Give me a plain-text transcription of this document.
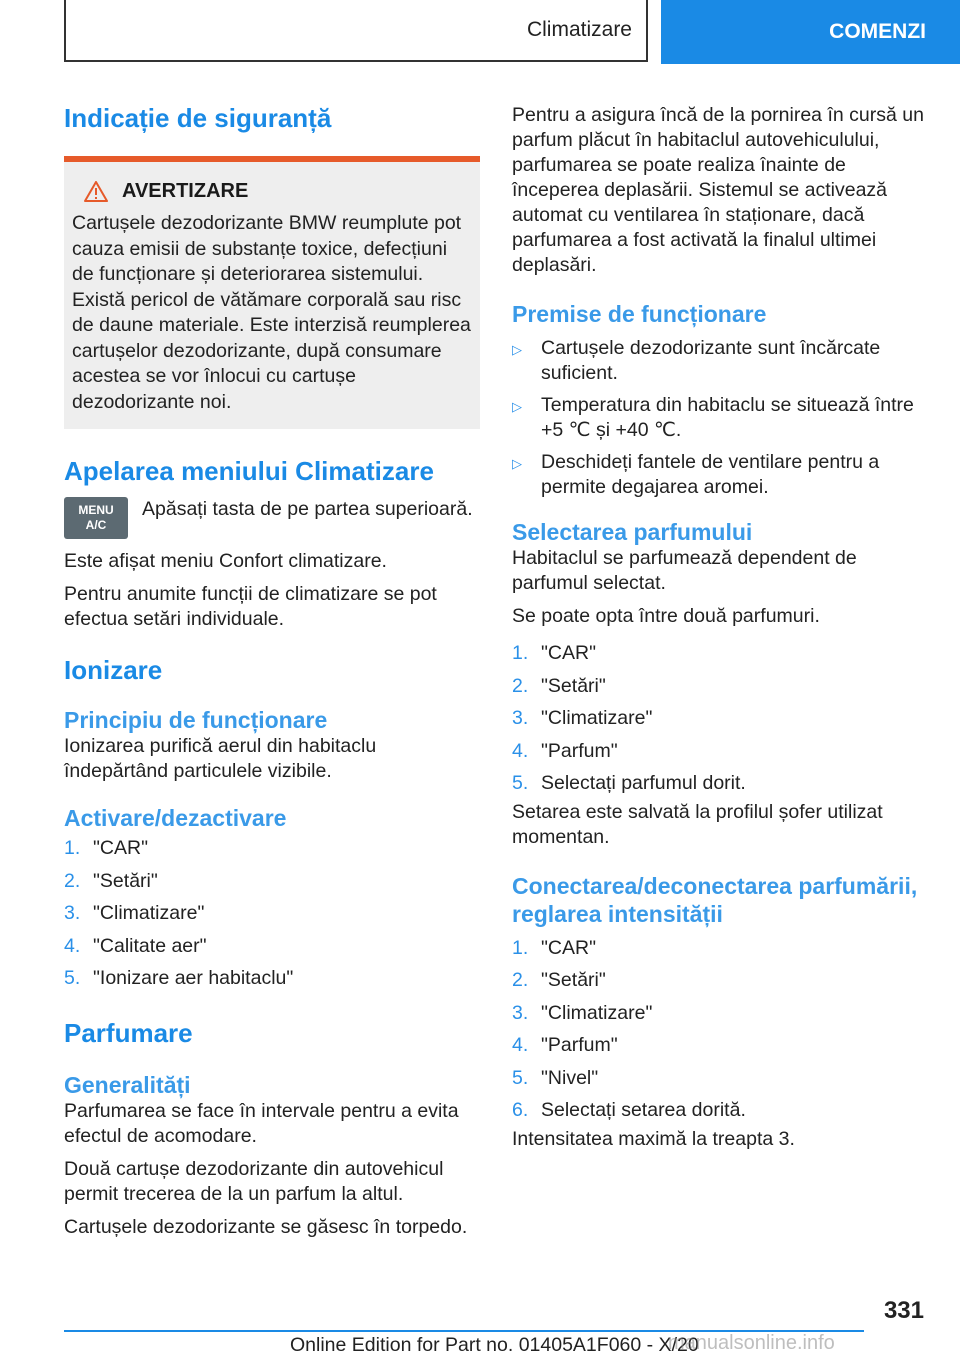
Climatizare	COMENZI
Indicație de siguranță
AVERTIZARE

Cartușele dezodorizante BMW reumplute pot cauza emisii de substanțe toxice, defecțiuni de funcționare și deteriorarea sistemului. Există pericol de vătămare corporală sau risc de daune materiale. Este interzisă reumplerea cartușelor dezodorizante, după consumare acestea se vor înlocui cu cartușe dezodorizante noi.

Apelarea meniului Climatizare
MENU
A/C

Apăsați tasta de pe partea superioară.

Este afișat meniu Confort climatizare.

Pentru anumite funcții de climatizare se pot efectua setări individuale.

Ionizare
Principiu de funcționare

Ionizarea purifică aerul din habitaclu îndepărtând particulele vizibile.

Activare/dezactivare
1. "CAR"
2. "Setări"
3. "Climatizare"
4. "Calitate aer"
5. "Ionizare aer habitaclu"
Parfumare
Generalități

Parfumarea se face în intervale pentru a evita efectul de acomodare.

Două cartușe dezodorizante din autovehicul permit trecerea de la un parfum la altul.

Cartușele dezodorizante se găsesc în torpedo.

Pentru a asigura încă de la pornirea în cursă un parfum plăcut în habitaclul autovehiculului, parfumarea se poate realiza înainte de începerea deplasării. Sistemul se activează automat cu ventilarea în staționare, dacă parfumarea a fost activată la finalul ultimei deplasări.

Premise de funcționare
▷ Cartușele dezodorizante sunt încărcate suficient.
▷ Temperatura din habitaclu se situează între +5 ℃ și +40 ℃.
▷ Deschideți fantele de ventilare pentru a permite degajarea aromei.
Selectarea parfumului

Habitaclul se parfumează dependent de parfumul selectat.

Se poate opta între două parfumuri.

1. "CAR"
2. "Setări"
3. "Climatizare"
4. "Parfum"
5. Selectați parfumul dorit.

Setarea este salvată la profilul șofer utilizat momentan.

Conectarea/deconectarea parfumării, reglarea intensității
1. "CAR"
2. "Setări"
3. "Climatizare"
4. "Parfum"
5. "Nivel"
6. Selectați setarea dorită.

Intensitatea maximă la treapta 3.

331
Online Edition for Part no. 01405A1F060 - X/20
manualsonline.info
